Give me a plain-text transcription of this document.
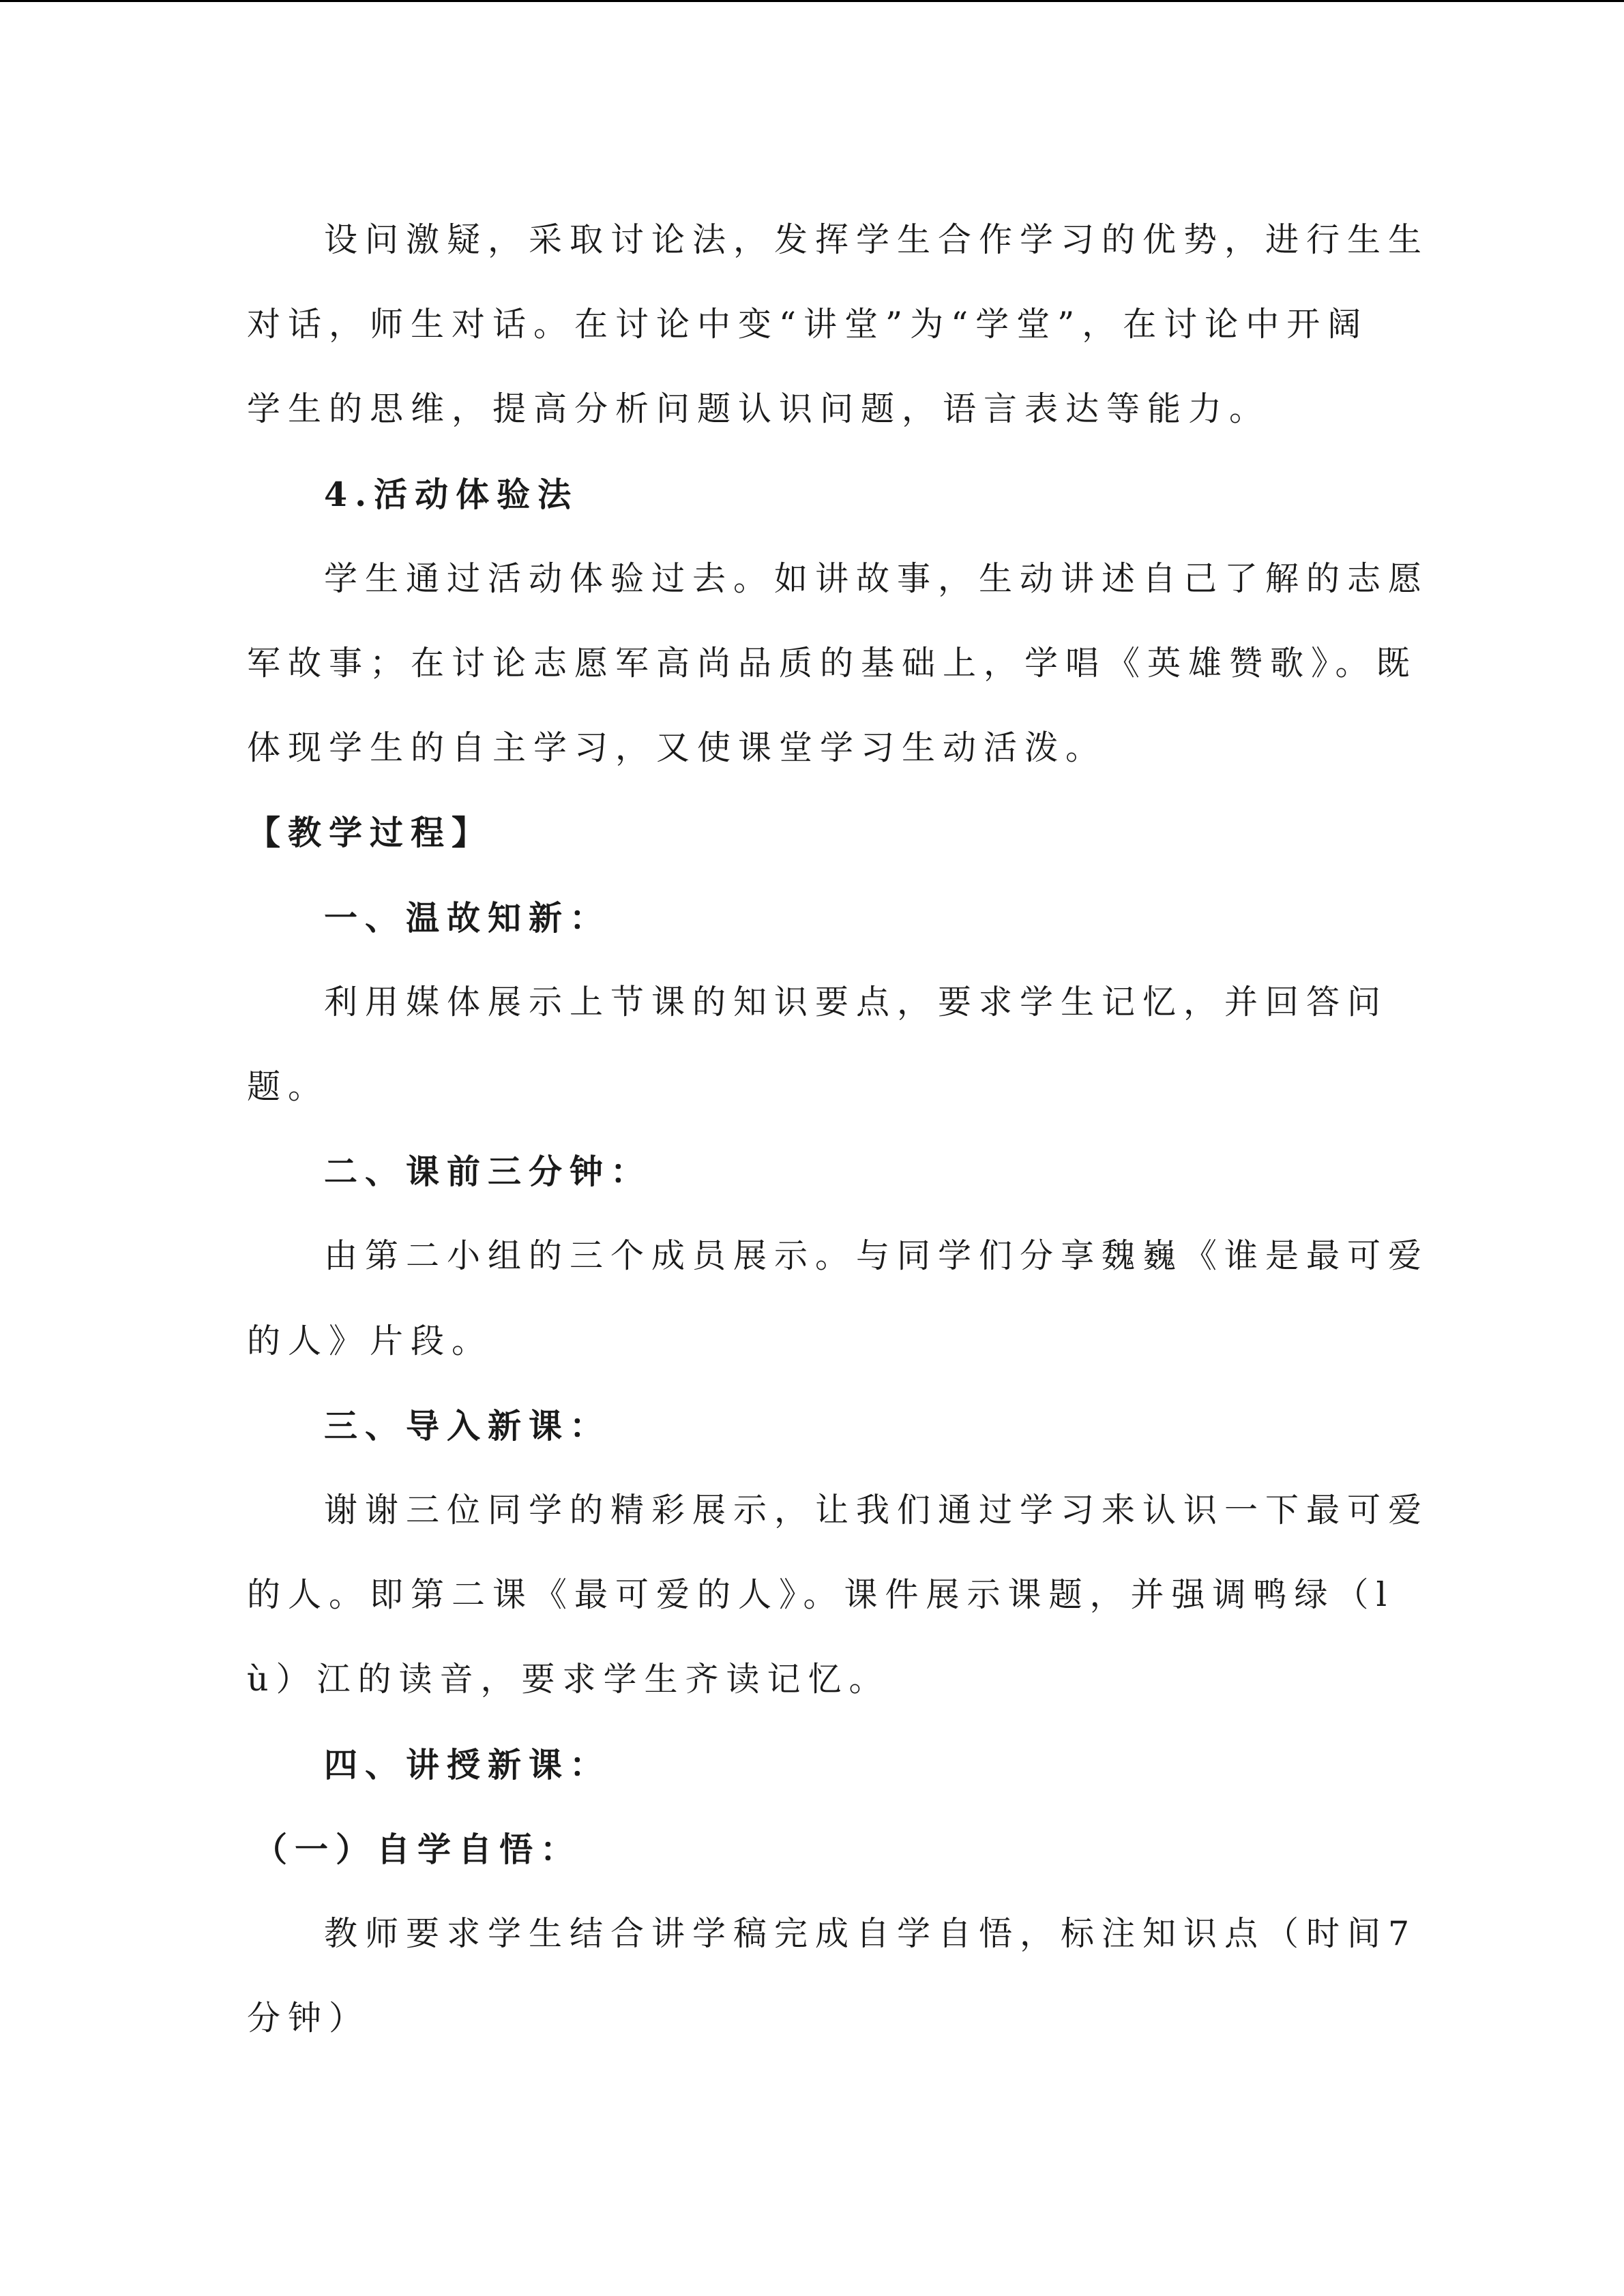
设问激疑，采取讨论法，发挥学生合作学习的优势，进行生生
对话，师生对话。在讨论中变“讲堂”为“学堂”，在讨论中开阔
学生的思维，提高分析问题认识问题，语言表达等能力。
4.活动体验法
学生通过活动体验过去。如讲故事，生动讲述自己了解的志愿
军故事；在讨论志愿军高尚品质的基础上，学唱《英雄赞歌》。既
体现学生的自主学习，又使课堂学习生动活泼。
【教学过程】
一、温故知新：
利用媒体展示上节课的知识要点，要求学生记忆，并回答问
题。
二、课前三分钟：
由第二小组的三个成员展示。与同学们分享魏巍《谁是最可爱
的人》片段。
三、导入新课：
谢谢三位同学的精彩展示，让我们通过学习来认识一下最可爱
的人。即第二课《最可爱的人》。课件展示课题，并强调鸭绿（l
ù）江的读音，要求学生齐读记忆。
四、讲授新课：
（一）自学自悟：
教师要求学生结合讲学稿完成自学自悟，标注知识点（时间7
分钟）
